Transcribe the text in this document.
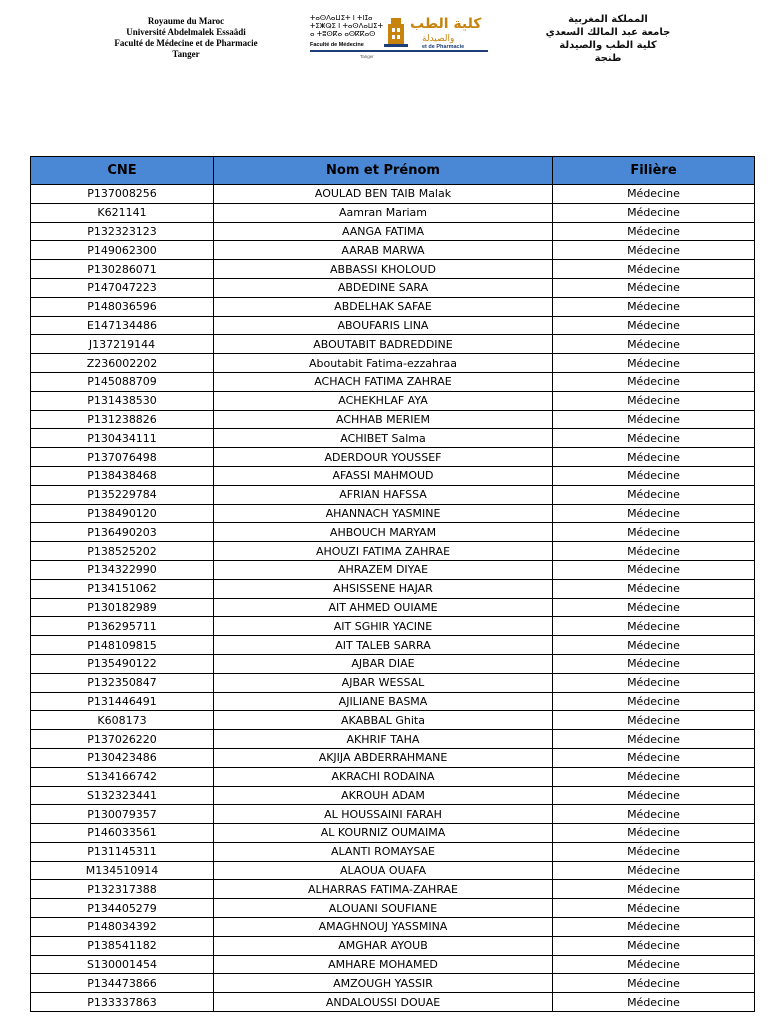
Royaume du Maroc
Université Abdelmalek Essaâdi
Faculté de Médecine et de Pharmacie
Tanger
ⵜⴰⵙⴷⴰⵡⵉⵜ ⵏ ⵜⵏⵊⴰ
ⵜⵉⵥⵕⵉ ⵏ ⵜⴰⵙⴷⴰⵡⵉⵜ
ⴰ ⵜⵓⵙⴽⴰ ⴰⵙⴽⴽⴰⵙ
Faculté de Médecine
كلية الطب
والصيدلة
et de Pharmacie
Tanger
المملكة المغربية
جامعة عبد المالك السعدي
كلية الطب والصيدلة
طنجة
CNE	Nom et Prénom	Filière
P137008256	AOULAD BEN TAIB Malak	Médecine
K621141	Aamran Mariam	Médecine
P132323123	AANGA FATIMA	Médecine
P149062300	AARAB MARWA	Médecine
P130286071	ABBASSI KHOLOUD	Médecine
P147047223	ABDEDINE SARA	Médecine
P148036596	ABDELHAK SAFAE	Médecine
E147134486	ABOUFARIS LINA	Médecine
J137219144	ABOUTABIT BADREDDINE	Médecine
Z236002202	Aboutabit Fatima-ezzahraa	Médecine
P145088709	ACHACH FATIMA ZAHRAE	Médecine
P131438530	ACHEKHLAF AYA	Médecine
P131238826	ACHHAB MERIEM	Médecine
P130434111	ACHIBET Salma	Médecine
P137076498	ADERDOUR YOUSSEF	Médecine
P138438468	AFASSI MAHMOUD	Médecine
P135229784	AFRIAN HAFSSA	Médecine
P138490120	AHANNACH YASMINE	Médecine
P136490203	AHBOUCH MARYAM	Médecine
P138525202	AHOUZI FATIMA ZAHRAE	Médecine
P134322990	AHRAZEM DIYAE	Médecine
P134151062	AHSISSENE HAJAR	Médecine
P130182989	AIT AHMED OUIAME	Médecine
P136295711	AIT SGHIR YACINE	Médecine
P148109815	AIT TALEB SARRA	Médecine
P135490122	AJBAR DIAE	Médecine
P132350847	AJBAR WESSAL	Médecine
P131446491	AJILIANE BASMA	Médecine
K608173	AKABBAL Ghita	Médecine
P137026220	AKHRIF TAHA	Médecine
P130423486	AKJIJA ABDERRAHMANE	Médecine
S134166742	AKRACHI RODAINA	Médecine
S132323441	AKROUH ADAM	Médecine
P130079357	AL HOUSSAINI FARAH	Médecine
P146033561	AL KOURNIZ OUMAIMA	Médecine
P131145311	ALANTI ROMAYSAE	Médecine
M134510914	ALAOUA OUAFA	Médecine
P132317388	ALHARRAS FATIMA-ZAHRAE	Médecine
P134405279	ALOUANI SOUFIANE	Médecine
P148034392	AMAGHNOUJ YASSMINA	Médecine
P138541182	AMGHAR AYOUB	Médecine
S130001454	AMHARE MOHAMED	Médecine
P134473866	AMZOUGH YASSIR	Médecine
P133337863	ANDALOUSSI DOUAE	Médecine
